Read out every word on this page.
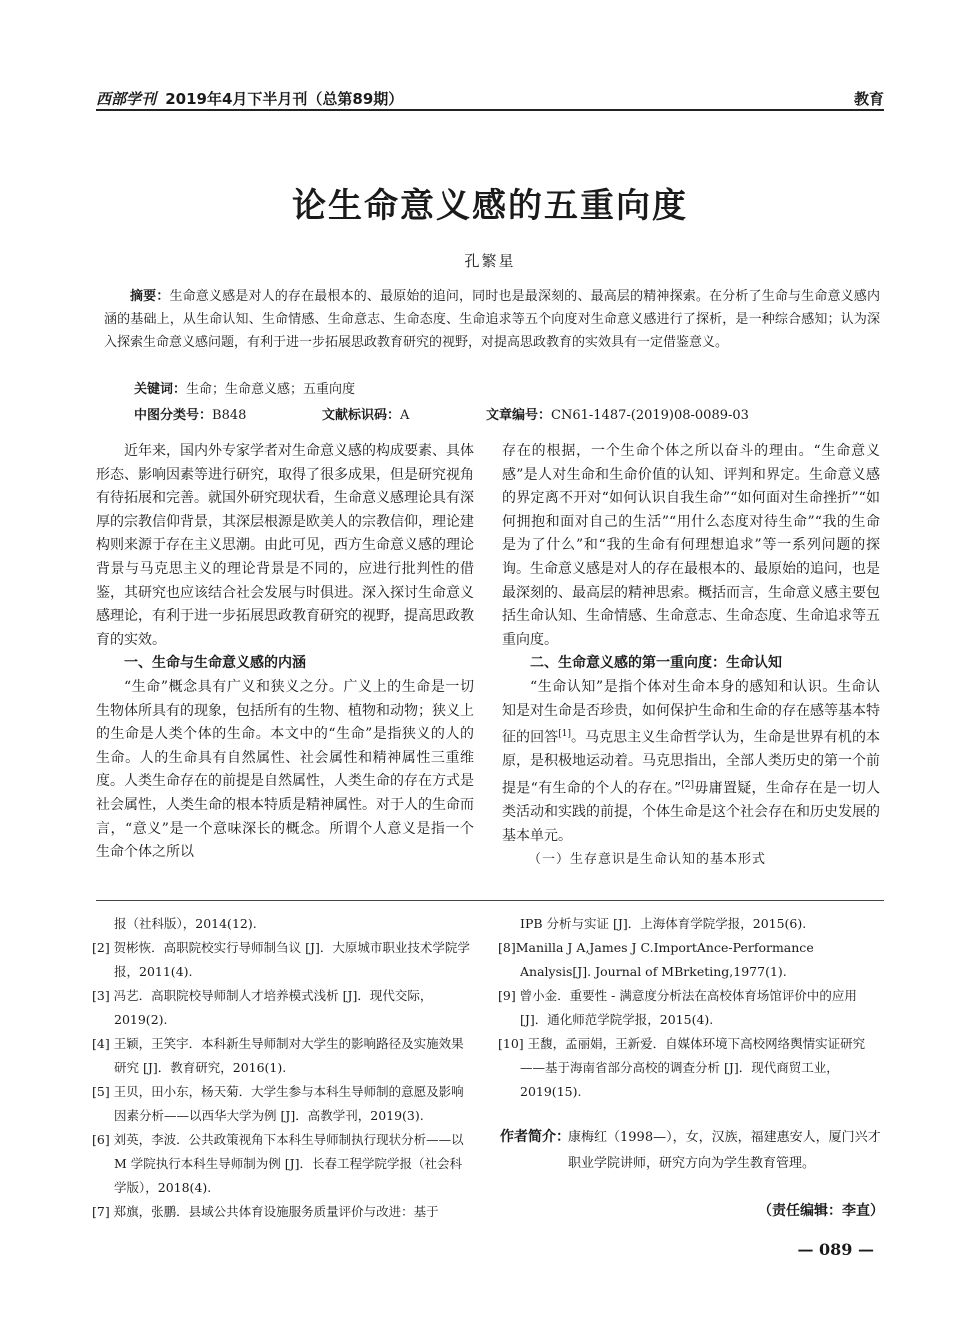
西部学刊 2019年4月下半月刊（总第89期）	教育
论生命意义感的五重向度
孔繁星
摘要：生命意义感是对人的存在最根本的、最原始的追问，同时也是最深刻的、最高层的精神探索。在分析了生命与生命意义感内涵的基础上，从生命认知、生命情感、生命意志、生命态度、生命追求等五个向度对生命意义感进行了探析，是一种综合感知；认为深入探索生命意义感问题，有利于进一步拓展思政教育研究的视野，对提高思政教育的实效具有一定借鉴意义。
关键词：生命；生命意义感；五重向度
中图分类号：B848	文献标识码：A	文章编号：CN61-1487-(2019)08-0089-03

近年来，国内外专家学者对生命意义感的构成要素、具体形态、影响因素等进行研究，取得了很多成果，但是研究视角有待拓展和完善。就国外研究现状看，生命意义感理论具有深厚的宗教信仰背景，其深层根源是欧美人的宗教信仰，理论建构则来源于存在主义思潮。由此可见，西方生命意义感的理论背景与马克思主义的理论背景是不同的，应进行批判性的借鉴，其研究也应该结合社会发展与时俱进。深入探讨生命意义感理论，有利于进一步拓展思政教育研究的视野，提高思政教育的实效。

一、生命与生命意义感的内涵

“生命”概念具有广义和狭义之分。广义上的生命是一切生物体所具有的现象，包括所有的生物、植物和动物；狭义上的生命是人类个体的生命。本文中的“生命”是指狭义的人的生命。人的生命具有自然属性、社会属性和精神属性三重维度。人类生命存在的前提是自然属性，人类生命的存在方式是社会属性，人类生命的根本特质是精神属性。对于人的生命而言，“意义”是一个意味深长的概念。所谓个人意义是指一个生命个体之所以

存在的根据，一个生命个体之所以奋斗的理由。“生命意义感”是人对生命和生命价值的认知、评判和界定。生命意义感的界定离不开对“如何认识自我生命”“如何面对生命挫折”“如何拥抱和面对自己的生活”“用什么态度对待生命”“我的生命是为了什么”和“我的生命有何理想追求”等一系列问题的探询。生命意义感是对人的存在最根本的、最原始的追问，也是最深刻的、最高层的精神思索。概括而言，生命意义感主要包括生命认知、生命情感、生命意志、生命态度、生命追求等五重向度。

二、生命意义感的第一重向度：生命认知

“生命认知”是指个体对生命本身的感知和认识。生命认知是对生命是否珍贵，如何保护生命和生命的存在感等基本特征的回答[1]。马克思主义生命哲学认为，生命是世界有机的本原，是积极地运动着。马克思指出，全部人类历史的第一个前提是“有生命的个人的存在。”[2]毋庸置疑，生命存在是一切人类活动和实践的前提，个体生命是这个社会存在和历史发展的基本单元。

（一）生存意识是生命认知的基本形式

报（社科版），2014(12).

[2] 贺彬恢．高职院校实行导师制刍议 [J]．大原城市职业技术学院学报，2011(4).

[3] 冯艺．高职院校导师制人才培养模式浅析 [J]．现代交际，2019(2).

[4] 王颖，王笑宇．本科新生导师制对大学生的影响路径及实施效果研究 [J]．教育研究，2016(1).

[5] 王贝，田小东，杨天菊．大学生参与本科生导师制的意愿及影响因素分析——以西华大学为例 [J]．高教学刊，2019(3).

[6] 刘英，李波．公共政策视角下本科生导师制执行现状分析——以 M 学院执行本科生导师制为例 [J]．长春工程学院学报（社会科学版），2018(4).

[7] 郑旗，张鹏．县域公共体育设施服务质量评价与改进：基于

IPB 分析与实证 [J]．上海体育学院学报，2015(6).

[8]Manilla J A,James J C.ImportAnce-Performance Analysis[J]. Journal of MBrketing,1977(1).

[9] 曾小金．重要性 - 满意度分析法在高校体育场馆评价中的应用 [J]．通化师范学院学报，2015(4).

[10] 王馥，孟丽娟，王新爱．自媒体环境下高校网络舆情实证研究——基于海南省部分高校的调查分析 [J]．现代商贸工业，2019(15).

作者简介：
康梅红（1998—），女，汉族，福建惠安人，厦门兴才职业学院讲师，研究方向为学生教育管理。
（责任编辑：李直）
— 089 —
